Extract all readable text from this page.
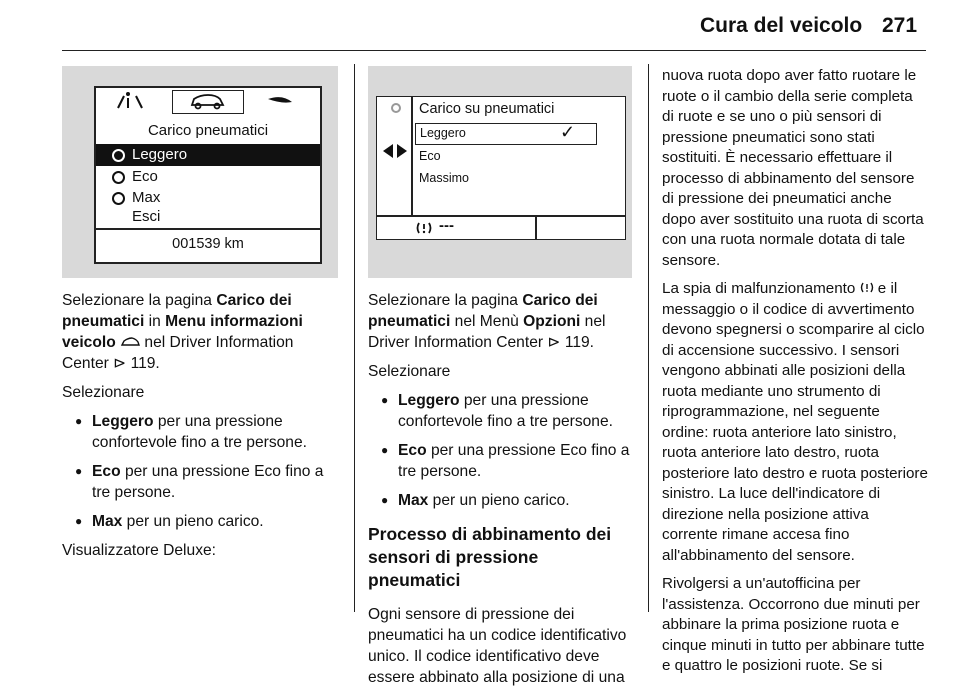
Cura del veicolo 271
Carico pneumatici
Leggero
Eco
Max
Esci
001539 km
Carico su pneumatici
Leggero	✓
Eco
Massimo
---

Selezionare la pagina Carico dei pneumatici in Menu informazioni veicolo  nel Driver Information Center ⊳ 119.

Selezionare

● Leggero per una pressione confortevole fino a tre persone.
● Eco per una pressione Eco fino a tre persone.
● Max per un pieno carico.

Visualizzatore Deluxe:

Selezionare la pagina Carico dei pneumatici nel Menù Opzioni nel Driver Information Center ⊳ 119.

Selezionare

● Leggero per una pressione confortevole fino a tre persone.
● Eco per una pressione Eco fino a tre persone.
● Max per un pieno carico.
Processo di abbinamento dei sensori di pressione pneumatici

Ogni sensore di pressione dei pneumatici ha un codice identificativo unico. Il codice identificativo deve essere abbinato alla posizione di una

nuova ruota dopo aver fatto ruotare le ruote o il cambio della serie completa di ruote e se uno o più sensori di pressione pneumatici sono stati sostituiti. È necessario effettuare il processo di abbinamento del sensore di pressione dei pneumatici anche dopo aver sostituito una ruota di scorta con una ruota normale dotata di tale sensore.

La spia di malfunzionamento  e il messaggio o il codice di avvertimento devono spegnersi o scomparire al ciclo di accensione successivo. I sensori vengono abbinati alle posizioni della ruota mediante uno strumento di riprogrammazione, nel seguente ordine: ruota anteriore lato sinistro, ruota anteriore lato destro, ruota posteriore lato destro e ruota posteriore sinistro. La luce dell'indicatore di direzione nella posizione attiva corrente rimane accesa fino all'abbinamento del sensore.

Rivolgersi a un'autofficina per l'assistenza. Occorrono due minuti per abbinare la prima posizione ruota e cinque minuti in tutto per abbinare tutte e quattro le posizioni ruote. Se si
